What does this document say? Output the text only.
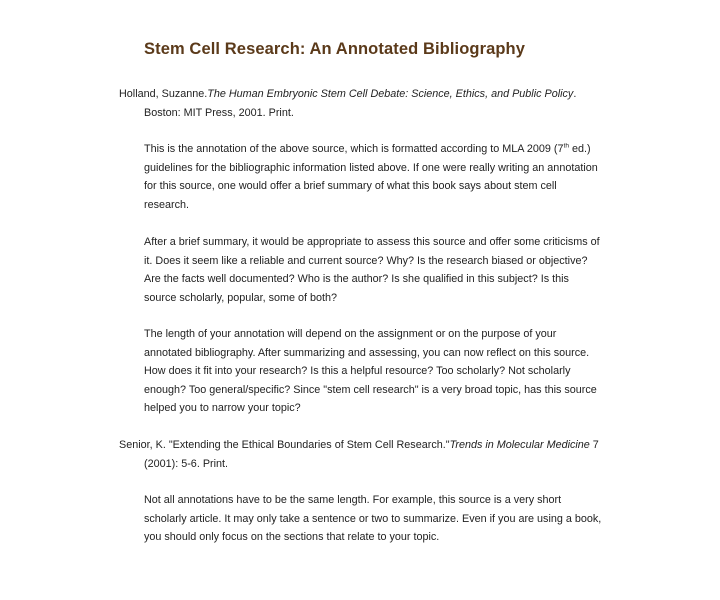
Stem Cell Research: An Annotated Bibliography
Holland, Suzanne.The Human Embryonic Stem Cell Debate: Science, Ethics, and Public Policy.
Boston: MIT Press, 2001. Print.
This is the annotation of the above source, which is formatted according to MLA 2009 (7th ed.)
guidelines for the bibliographic information listed above. If one were really writing an annotation
for this source, one would offer a brief summary of what this book says about stem cell
research.
After a brief summary, it would be appropriate to assess this source and offer some criticisms of
it. Does it seem like a reliable and current source? Why? Is the research biased or objective?
Are the facts well documented? Who is the author? Is she qualified in this subject? Is this
source scholarly, popular, some of both?
The length of your annotation will depend on the assignment or on the purpose of your
annotated bibliography. After summarizing and assessing, you can now reflect on this source.
How does it fit into your research? Is this a helpful resource? Too scholarly? Not scholarly
enough? Too general/specific? Since "stem cell research" is a very broad topic, has this source
helped you to narrow your topic?
Senior, K. "Extending the Ethical Boundaries of Stem Cell Research."Trends in Molecular Medicine 7
(2001): 5-6. Print.
Not all annotations have to be the same length. For example, this source is a very short
scholarly article. It may only take a sentence or two to summarize. Even if you are using a book,
you should only focus on the sections that relate to your topic.
